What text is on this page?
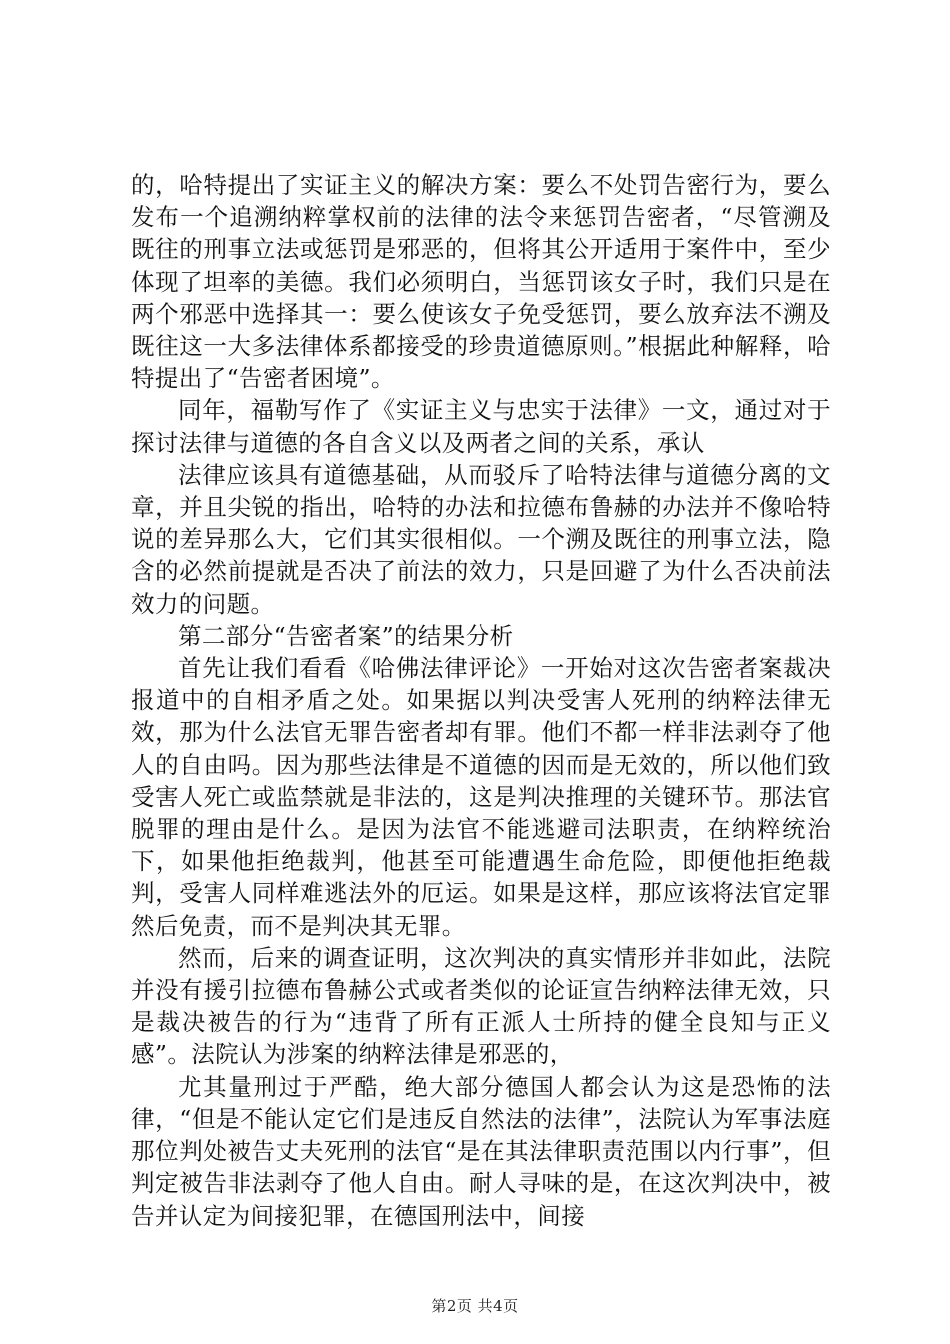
的，哈特提出了实证主义的解决方案：要么不处罚告密行为，要么发布一个追溯纳粹掌权前的法律的法令来惩罚告密者，“尽管溯及既往的刑事立法或惩罚是邪恶的，但将其公开适用于案件中，至少体现了坦率的美德。我们必须明白，当惩罚该女子时，我们只是在两个邪恶中选择其一：要么使该女子免受惩罚，要么放弃法不溯及既往这一大多法律体系都接受的珍贵道德原则。”根据此种解释，哈特提出了“告密者困境”。

同年，福勒写作了《实证主义与忠实于法律》一文，通过对于探讨法律与道德的各自含义以及两者之间的关系，承认

法律应该具有道德基础，从而驳斥了哈特法律与道德分离的文章，并且尖锐的指出，哈特的办法和拉德布鲁赫的办法并不像哈特说的差异那么大，它们其实很相似。一个溯及既往的刑事立法，隐含的必然前提就是否决了前法的效力，只是回避了为什么否决前法效力的问题。

第二部分“告密者案”的结果分析

首先让我们看看《哈佛法律评论》一开始对这次告密者案裁决报道中的自相矛盾之处。如果据以判决受害人死刑的纳粹法律无效，那为什么法官无罪告密者却有罪。他们不都一样非法剥夺了他人的自由吗。因为那些法律是不道德的因而是无效的，所以他们致受害人死亡或监禁就是非法的，这是判决推理的关键环节。那法官脱罪的理由是什么。是因为法官不能逃避司法职责，在纳粹统治下，如果他拒绝裁判，他甚至可能遭遇生命危险，即便他拒绝裁判，受害人同样难逃法外的厄运。如果是这样，那应该将法官定罪然后免责，而不是判决其无罪。

然而，后来的调查证明，这次判决的真实情形并非如此，法院并没有援引拉德布鲁赫公式或者类似的论证宣告纳粹法律无效，只是裁决被告的行为“违背了所有正派人士所持的健全良知与正义感”。法院认为涉案的纳粹法律是邪恶的，

尤其量刑过于严酷，绝大部分德国人都会认为这是恐怖的法律，“但是不能认定它们是违反自然法的法律”，法院认为军事法庭那位判处被告丈夫死刑的法官“是在其法律职责范围以内行事”，但判定被告非法剥夺了他人自由。耐人寻味的是，在这次判决中，被告并认定为间接犯罪，在德国刑法中，间接

第2页 共4页
